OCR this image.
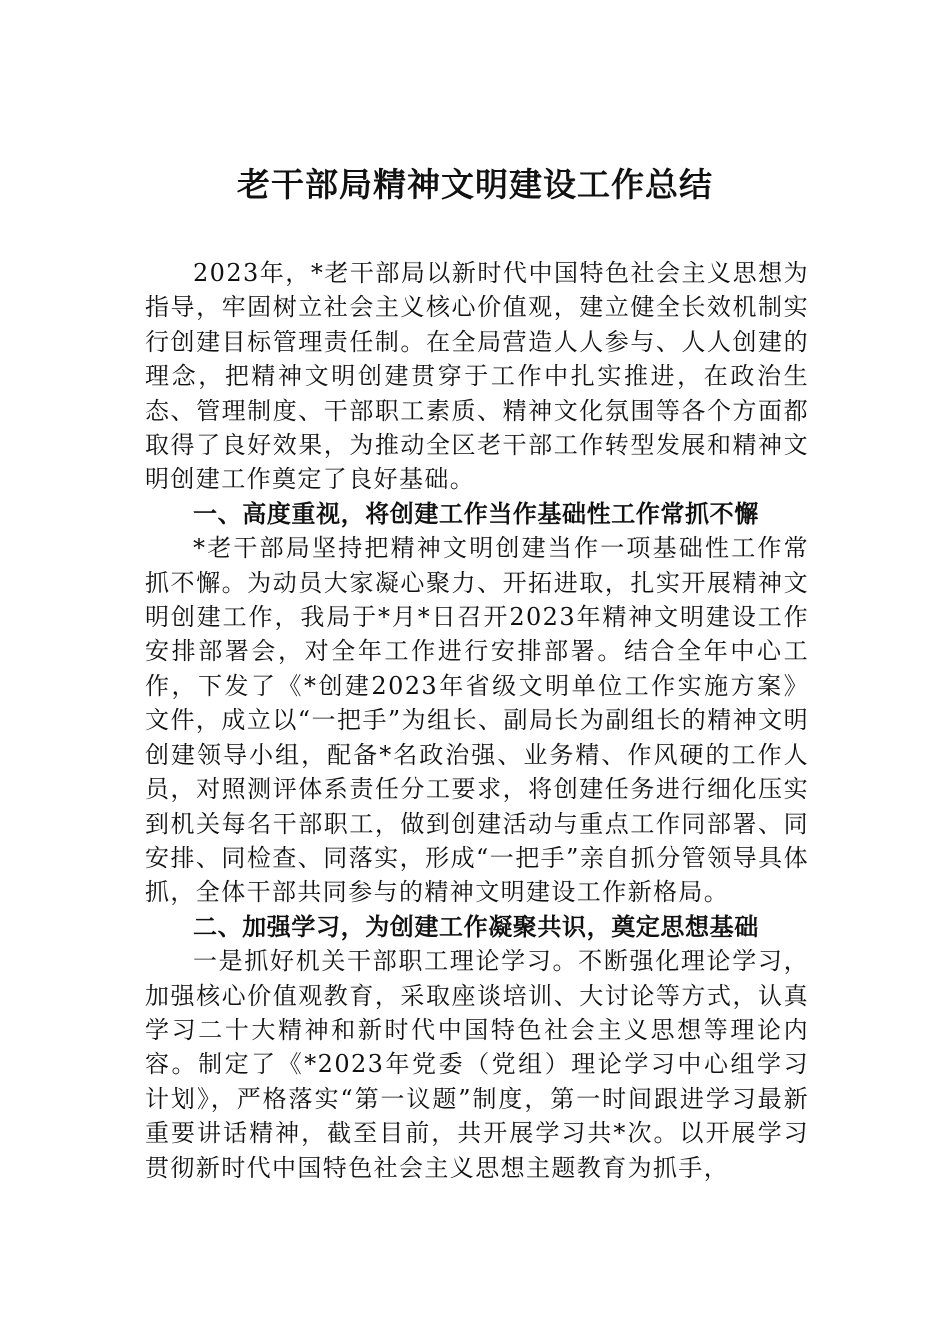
老干部局精神文明建设工作总结

2023年，*老干部局以新时代中国特色社会主义思想为指导，牢固树立社会主义核心价值观，建立健全长效机制实行创建目标管理责任制。在全局营造人人参与、人人创建的理念，把精神文明创建贯穿于工作中扎实推进，在政治生态、管理制度、干部职工素质、精神文化氛围等各个方面都取得了良好效果，为推动全区老干部工作转型发展和精神文明创建工作奠定了良好基础。

一、高度重视，将创建工作当作基础性工作常抓不懈

*老干部局坚持把精神文明创建当作一项基础性工作常抓不懈。为动员大家凝心聚力、开拓进取，扎实开展精神文明创建工作，我局于*月*日召开2023年精神文明建设工作安排部署会，对全年工作进行安排部署。结合全年中心工作，下发了《*创建2023年省级文明单位工作实施方案》文件，成立以“一把手”为组长、副局长为副组长的精神文明创建领导小组，配备*名政治强、业务精、作风硬的工作人员，对照测评体系责任分工要求，将创建任务进行细化压实到机关每名干部职工，做到创建活动与重点工作同部署、同安排、同检查、同落实，形成“一把手”亲自抓分管领导具体抓，全体干部共同参与的精神文明建设工作新格局。

二、加强学习，为创建工作凝聚共识，奠定思想基础

一是抓好机关干部职工理论学习。不断强化理论学习，加强核心价值观教育，采取座谈培训、大讨论等方式，认真学习二十大精神和新时代中国特色社会主义思想等理论内容。制定了《*2023年党委（党组）理论学习中心组学习计划》，严格落实“第一议题”制度，第一时间跟进学习最新重要讲话精神，截至目前，共开展学习共*次。以开展学习贯彻新时代中国特色社会主义思想主题教育为抓手，
